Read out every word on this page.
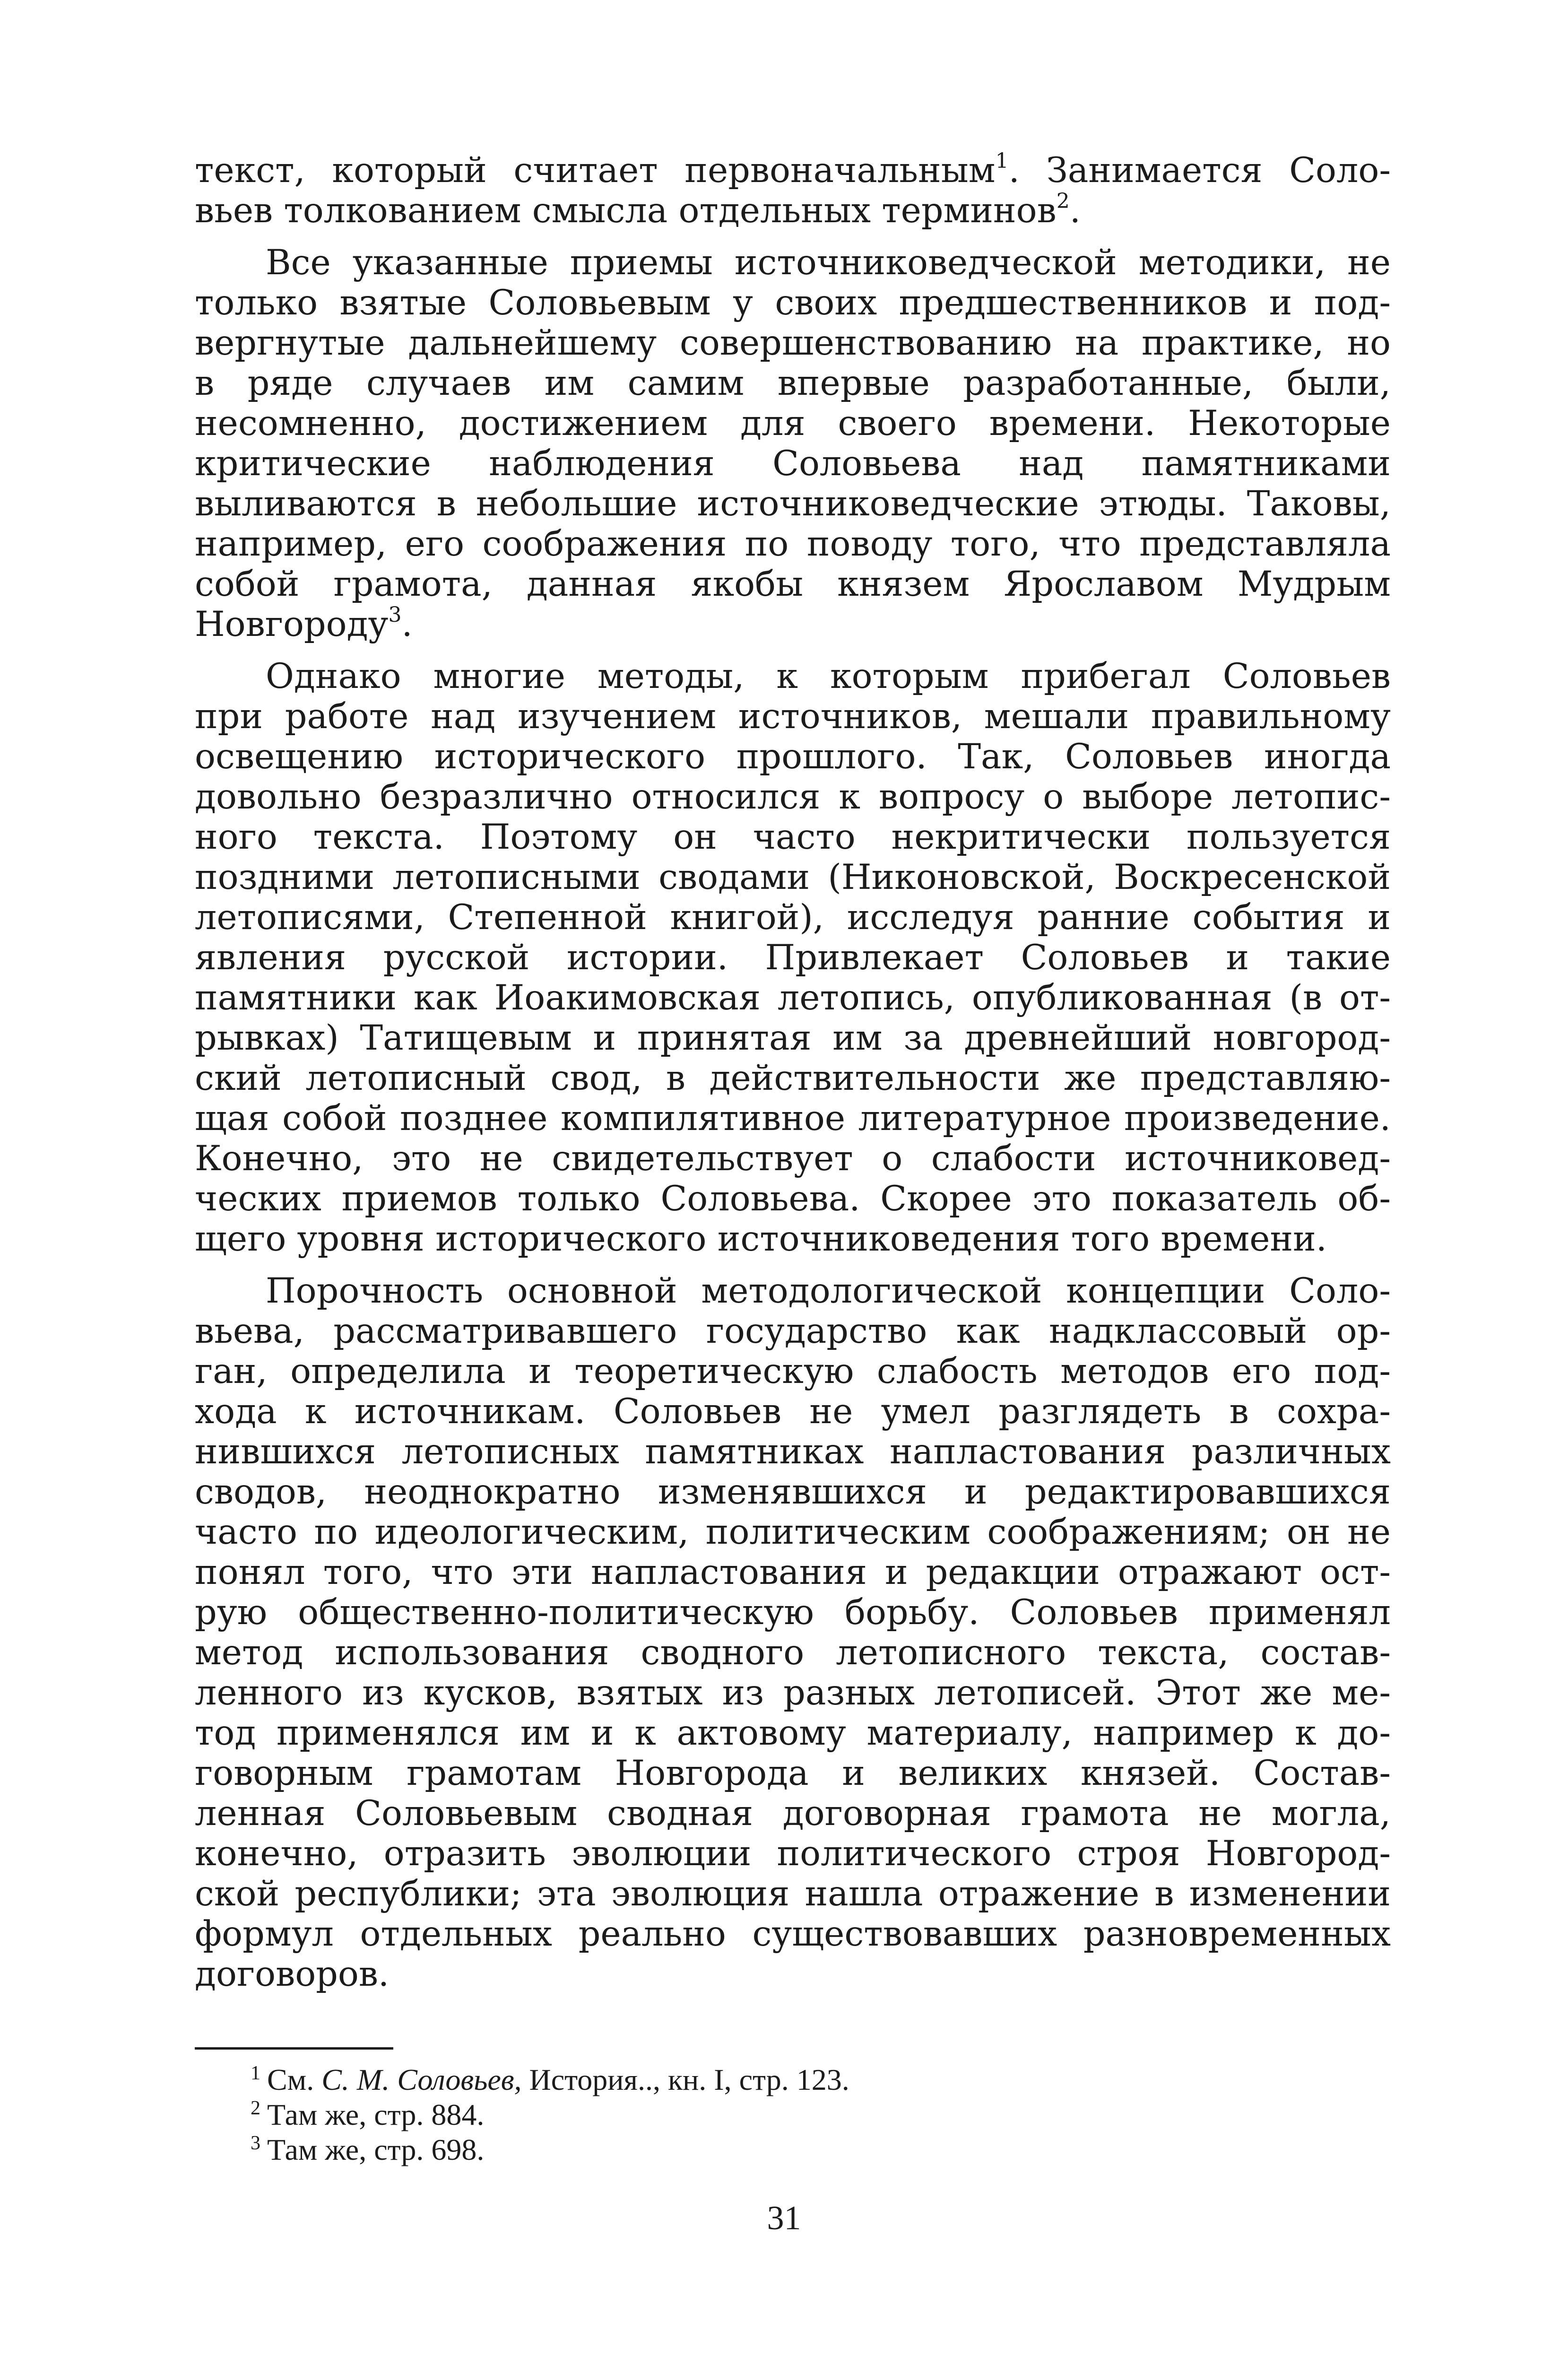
текст, который считает первоначальным$^1$. Занимается Соло-
вьев толкованием смысла отдельных терминов$^2$.
Все указанные приемы источниковедческой методики, не
только взятые Соловьевым у своих предшественников и под-
вергнутые дальнейшему совершенствованию на практике, но
в ряде случаев им самим впервые разработанные, были,
несомненно, достижением для своего времени. Некоторые
критические наблюдения Соловьева над памятниками
выливаются в небольшие источниковедческие этюды. Таковы,
например, его соображения по поводу того, что представляла
собой грамота, данная якобы князем Ярославом Мудрым
Новгороду$^3$.
Однако многие методы, к которым прибегал Соловьев
при работе над изучением источников, мешали правильному
освещению исторического прошлого. Так, Соловьев иногда
довольно безразлично относился к вопросу о выборе летопис-
ного текста. Поэтому он часто некритически пользуется
поздними летописными сводами (Никоновской, Воскресенской
летописями, Степенной книгой), исследуя ранние события и
явления русской истории. Привлекает Соловьев и такие
памятники как Иоакимовская летопись, опубликованная (в от-
рывках) Татищевым и принятая им за древнейший новгород-
ский летописный свод, в действительности же представляю-
щая собой позднее компилятивное литературное произведение.
Конечно, это не свидетельствует о слабости источниковед-
ческих приемов только Соловьева. Скорее это показатель об-
щего уровня исторического источниковедения того времени.
Порочность основной методологической концепции Соло-
вьева, рассматривавшего государство как надклассовый ор-
ган, определила и теоретическую слабость методов его под-
хода к источникам. Соловьев не умел разглядеть в сохра-
нившихся летописных памятниках напластования различных
сводов, неоднократно изменявшихся и редактировавшихся
часто по идеологическим, политическим соображениям; он не
понял того, что эти напластования и редакции отражают ост-
рую общественно-политическую борьбу. Соловьев применял
метод использования сводного летописного текста, состав-
ленного из кусков, взятых из разных летописей. Этот же ме-
тод применялся им и к актовому материалу, например к до-
говорным грамотам Новгорода и великих князей. Состав-
ленная Соловьевым сводная договорная грамота не могла,
конечно, отразить эволюции политического строя Новгород-
ской республики; эта эволюция нашла отражение в изменении
формул отдельных реально существовавших разновременных
договоров.
$^1$ См. С. М. Соловьев, История.., кн. I, стр. 123.
$^2$ Там же, стр. 884.
$^3$ Там же, стр. 698.
31
